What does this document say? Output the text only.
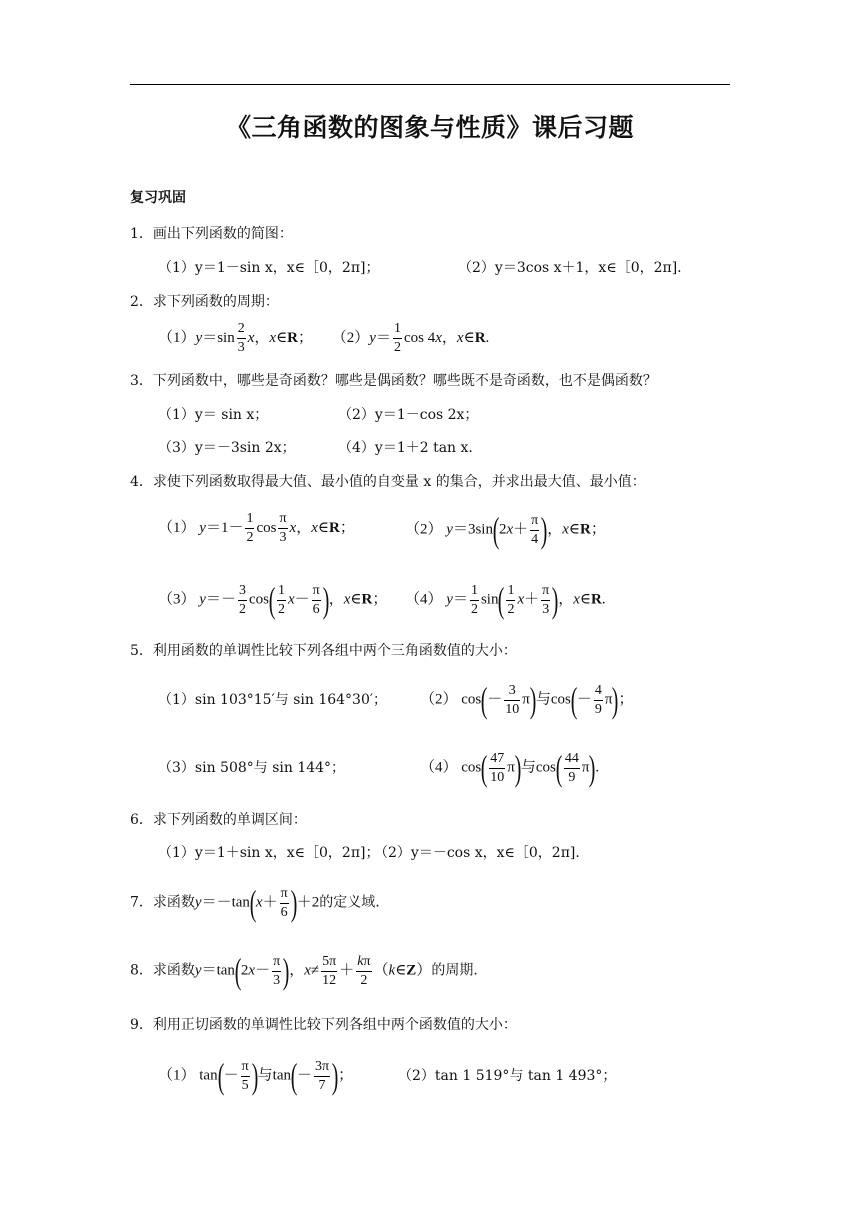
《三角函数的图象与性质》课后习题
复习巩固
1．画出下列函数的简图：
（1）y＝1－sin x，x∈［0，2π]；	（2）y＝3cos x＋1，x∈［0，2π].
2．求下列函数的周期：
$(1)y=\sin \frac{2}{3}$ x，x∈R；     $(2)y= \frac{1}{2}$ cos 4x，x∈R.
3．下列函数中，哪些是奇函数？哪些是偶函数？哪些既不是奇函数，也不是偶函数？
（1）y＝ sin x；	（2）y＝1－cos 2x；
（3）y＝－3sin 2x；	（4）y＝1＋2 tan x.
4．求使下列函数取得最大值、最小值的自变量 x 的集合，并求出最大值、最小值：
（1） $y=1- \frac{1}{2}$ $\cos \frac{\pi}{3}$ x，x∈R；	（2） $y=3\sin(2x+ \frac{\pi}{4}$ )，x∈R；
（3） $y=- \frac{3}{2} \cos( \frac{1}{2} x- \frac{\pi}{6}$ )，x∈R； （4） $y= \frac{1}{2} \sin( \frac{1}{2} x+ \frac{\pi}{3}$ )，x∈R.
5．利用函数的单调性比较下列各组中两个三角函数值的大小：
（1）sin 103°15′与 sin 164°30′； （2） $\cos(- \frac{3}{10} \pi)$与$\cos(- \frac{4}{9} \pi)$；
（3）sin 508°与 sin 144°；	（4） $\cos( \frac{47}{10} \pi)$与$\cos( \frac{44}{9} \pi)$.
6．求下列函数的单调区间：
（1）y＝1＋sin x，x∈［0，2π]；
（2）y＝－cos x，x∈［0，2π].
7．求函数$y=-\tan(x+ \frac{\pi}{6} )+2$的定义域.
8．求函数$y=\tan(2x- \frac{\pi}{3}$ )，$x\ne \frac{5\pi}{12} + \frac{k\pi}{2}$ （k∈Z）的周期.
9．利用正切函数的单调性比较下列各组中两个函数值的大小：
（1） $\tan(- \frac{\pi}{5}$ )与$\tan(- \frac{3\pi}{7}$ )；	（2）tan 1 519°与 tan 1 493°；
